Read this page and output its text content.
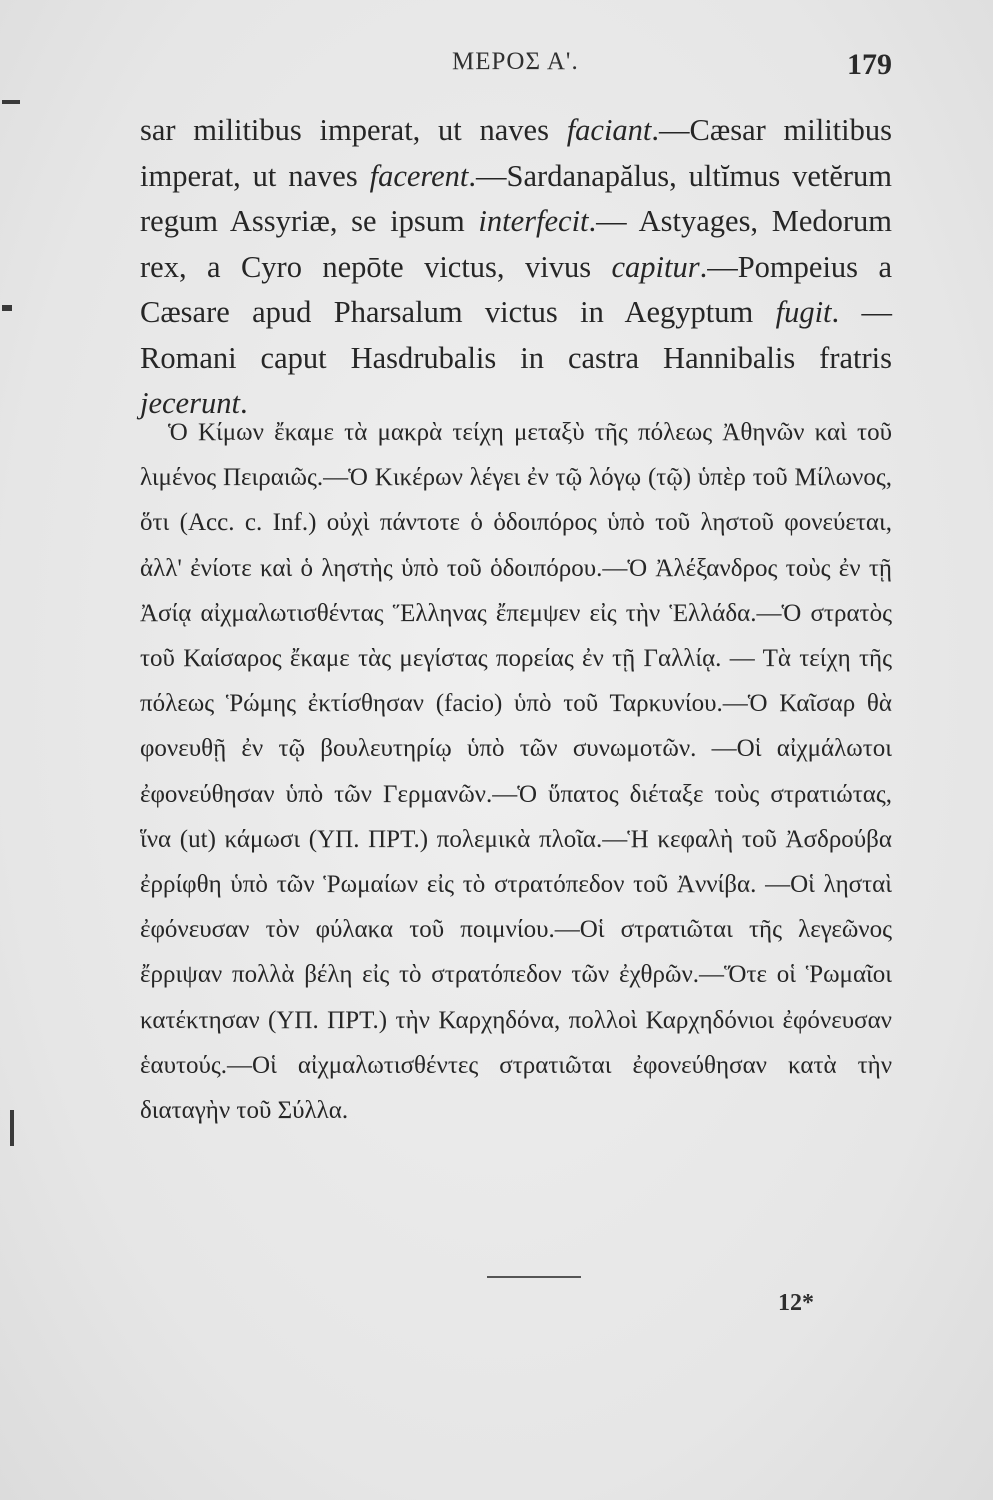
ΜΕΡΟΣ Α'.	179
sar militibus imperat, ut naves faciant.—Cæsar militibus imperat, ut naves facerent.—Sardanapălus, ultĭmus vetĕrum regum Assyriæ, se ipsum interfecit.— Astyages, Medorum rex, a Cyro nepōte victus, vivus capitur.—Pompeius a Cæsare apud Pharsalum victus in Aegyptum fugit. — Romani caput Hasdrubalis in castra Hannibalis fratris jecerunt.
Ὁ Κίμων ἔκαμε τὰ μακρὰ τείχη μεταξὺ τῆς πόλεως Ἀθηνῶν καὶ τοῦ λιμένος Πειραιῶς.—Ὁ Κικέρων λέγει ἐν τῷ λόγῳ (τῷ) ὑπὲρ τοῦ Μίλωνος, ὅτι (Acc. c. Inf.) οὐχὶ πάντοτε ὁ ὁδοιπόρος ὑπὸ τοῦ ληστοῦ φονεύεται, ἀλλ' ἐνίοτε καὶ ὁ ληστὴς ὑπὸ τοῦ ὁδοιπόρου.—Ὁ Ἀλέξανδρος τοὺς ἐν τῇ Ἀσίᾳ αἰχμαλωτισθέντας Ἕλληνας ἔπεμψεν εἰς τὴν Ἑλλάδα.—Ὁ στρατὸς τοῦ Καίσαρος ἔκαμε τὰς μεγίστας πορείας ἐν τῇ Γαλλίᾳ. — Τὰ τείχη τῆς πόλεως Ῥώμης ἐκτίσθησαν (facio) ὑπὸ τοῦ Ταρκυνίου.—Ὁ Καῖσαρ θὰ φονευθῇ ἐν τῷ βουλευτηρίῳ ὑπὸ τῶν συνωμοτῶν. —Οἱ αἰχμάλωτοι ἐφονεύθησαν ὑπὸ τῶν Γερμανῶν.—Ὁ ὕπατος διέταξε τοὺς στρατιώτας, ἵνα (ut) κάμωσι (ΥΠ. ΠΡΤ.) πολεμικὰ πλοῖα.—Ἡ κεφαλὴ τοῦ Ἀσδρούβα ἐρρίφθη ὑπὸ τῶν Ῥωμαίων εἰς τὸ στρατόπεδον τοῦ Ἀννίβα. —Οἱ λησταὶ ἐφόνευσαν τὸν φύλακα τοῦ ποιμνίου.—Οἱ στρατιῶται τῆς λεγεῶνος ἔρριψαν πολλὰ βέλη εἰς τὸ στρατόπεδον τῶν ἐχθρῶν.—Ὅτε οἱ Ῥωμαῖοι κατέκτησαν (ΥΠ. ΠΡΤ.) τὴν Καρχηδόνα, πολλοὶ Καρχηδόνιοι ἐφόνευσαν ἑαυτούς.—Οἱ αἰχμαλωτισθέντες στρατιῶται ἐφονεύθησαν κατὰ τὴν διαταγὴν τοῦ Σύλλα.
12*
